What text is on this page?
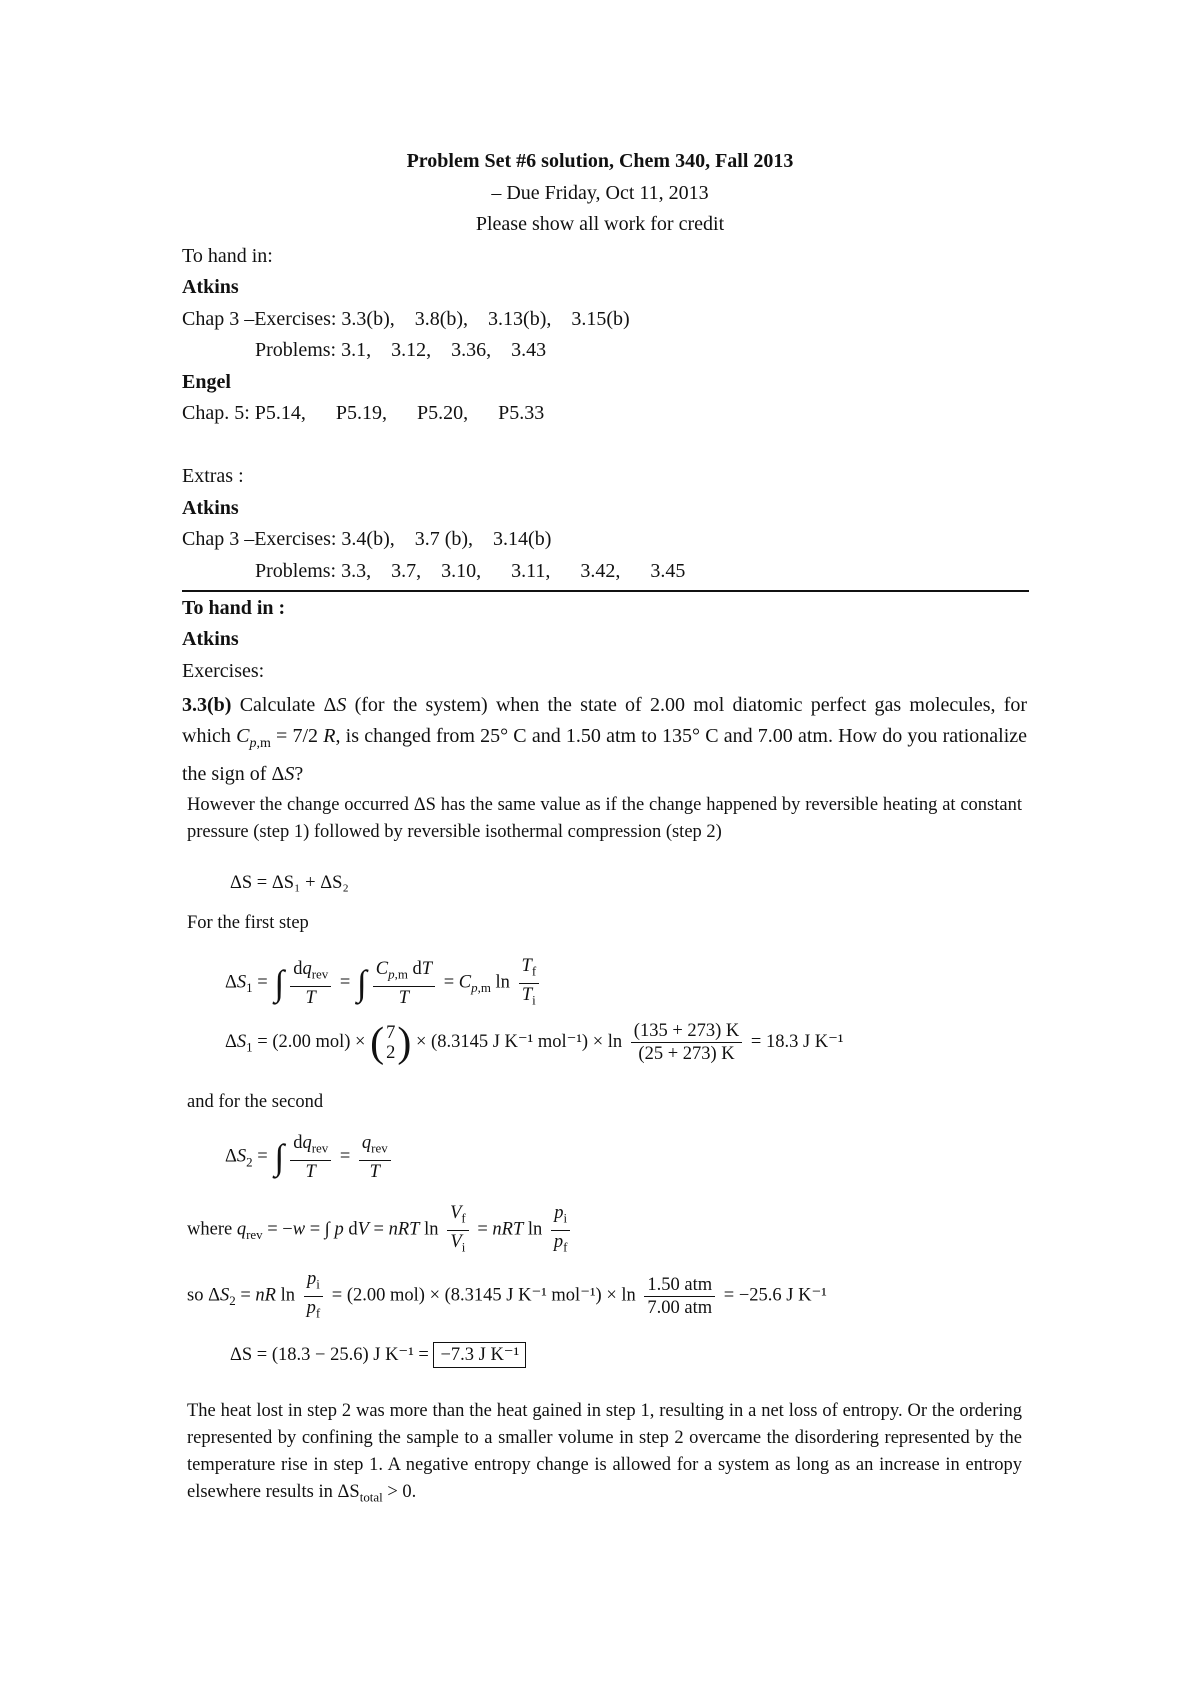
Problem Set #6 solution, Chem 340, Fall 2013
– Due Friday, Oct 11, 2013
Please show all work for credit
To hand in:
Atkins
Chap 3 –Exercises: 3.3(b),    3.8(b),    3.13(b),    3.15(b)
Problems: 3.1,    3.12,    3.36,    3.43
Engel
Chap. 5: P5.14,      P5.19,      P5.20,      P5.33
Extras :
Atkins
Chap 3 –Exercises: 3.4(b),    3.7 (b),    3.14(b)
Problems: 3.3,    3.7,    3.10,      3.11,      3.42,      3.45
To hand in :
Atkins
Exercises:
3.3(b) Calculate ΔS (for the system) when the state of 2.00 mol diatomic perfect gas molecules, for which $C_{p,m} = 7/2$ R, is changed from 25° C and 1.50 atm to 135° C and 7.00 atm. How do you rationalize the sign of ΔS?
However the change occurred ΔS has the same value as if the change happened by reversible heating at constant pressure (step 1) followed by reversible isothermal compression (step 2)
ΔS = ΔS₁ + ΔS₂
For the first step
$\Delta S_1$ = ∫ $\frac{dq_{rev}}{T}$ = ∫ $\frac{C_{p,m} dT}{T} = C_{p,m}$ $\ln \frac{T_f}{T_i}$
$\Delta S_1 = (2.00$ mol) × ( 7
2 ) × (8.3145 J K⁻¹ $mol^{-1}) \times \ln \frac{(135 + 273) K}{(25 + 273) K} = 18.3$ J K⁻¹
and for the second
$\Delta S_2$ = ∫ $\frac{dq_{rev}}{T} = \frac{q_{rev}}{T}$
where $q_{rev} = -w$ = ∫ p dV = nRT $\ln \frac{V_f}{V_i}$ = nRT $\ln \frac{p_i}{p_f}$
so $\Delta S_2$ = nR $\ln \frac{p_i}{p_f} = (2.00$ mol) × (8.3145 J K⁻¹ $mol^{-1}) \times \ln \frac{\text{1.50 atm}}{\text{7.00 atm}} = -25.6$ J K⁻¹
ΔS = (18.3 − 25.6) J K⁻¹ = −7.3 J K⁻¹
The heat lost in step 2 was more than the heat gained in step 1, resulting in a net loss of entropy. Or the ordering represented by confining the sample to a smaller volume in step 2 overcame the disordering represented by the temperature rise in step 1. A negative entropy change is allowed for a system as long as an increase in entropy elsewhere results in $\Delta S_{total} > 0$.
